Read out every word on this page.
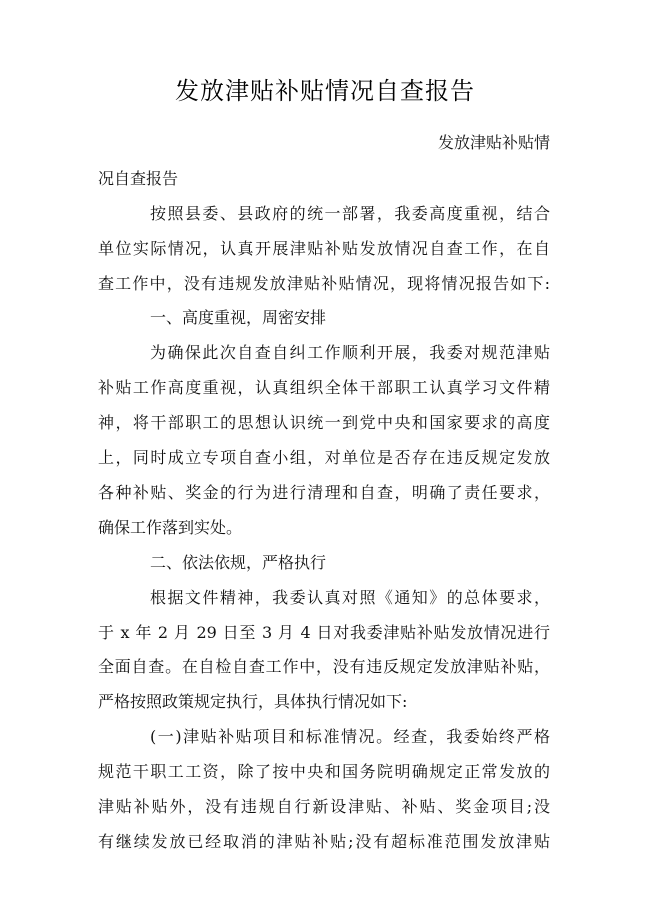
发放津贴补贴情况自查报告
发放津贴补贴情
况自查报告
按照县委、县政府的统一部署，我委高度重视，结合
单位实际情况，认真开展津贴补贴发放情况自查工作，在自
查工作中，没有违规发放津贴补贴情况，现将情况报告如下:
一、高度重视，周密安排
为确保此次自查自纠工作顺利开展，我委对规范津贴
补贴工作高度重视，认真组织全体干部职工认真学习文件精
神，将干部职工的思想认识统一到党中央和国家要求的高度
上，同时成立专项自查小组，对单位是否存在违反规定发放
各种补贴、奖金的行为进行清理和自查，明确了责任要求，
确保工作落到实处。
二、依法依规，严格执行
根据文件精神，我委认真对照《通知》的总体要求，
于 x 年 2 月 29 日至 3 月 4 日对我委津贴补贴发放情况进行
全面自查。在自检自查工作中，没有违反规定发放津贴补贴，
严格按照政策规定执行，具体执行情况如下:
(一)津贴补贴项目和标准情况。经查，我委始终严格
规范干职工工资，除了按中央和国务院明确规定正常发放的
津贴补贴外，没有违规自行新设津贴、补贴、奖金项目;没
有继续发放已经取消的津贴补贴;没有超标准范围发放津贴
